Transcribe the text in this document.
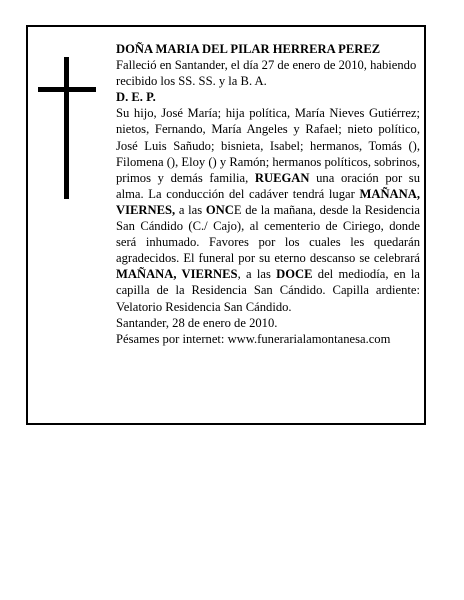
DOÑA MARIA DEL PILAR HERRERA PEREZ

Falleció en Santander, el día 27 de enero de 2010, habiendo recibido los SS. SS. y la B. A.

D. E. P.

Su hijo, José María; hija política, María Nieves Gutiérrez; nietos, Fernando, María Angeles y Rafael; nieto político, José Luis Sañudo; bisnieta, Isabel; hermanos, Tomás (), Filomena (), Eloy () y Ramón; hermanos políticos, sobrinos, primos y demás familia, RUEGAN una oración por su alma. La conducción del cadáver tendrá lugar MAÑANA, VIERNES, a las ONCE de la mañana, desde la Residencia San Cándido (C./ Cajo), al cementerio de Ciriego, donde será inhumado. Favores por los cuales les quedarán agradecidos. El funeral por su eterno descanso se celebrará MAÑANA, VIERNES, a las DOCE del mediodía, en la capilla de la Residencia San Cándido. Capilla ardiente: Velatorio Residencia San Cándido.

Santander, 28 de enero de 2010.

Pésames por internet: www.funerarialamontanesa.com
